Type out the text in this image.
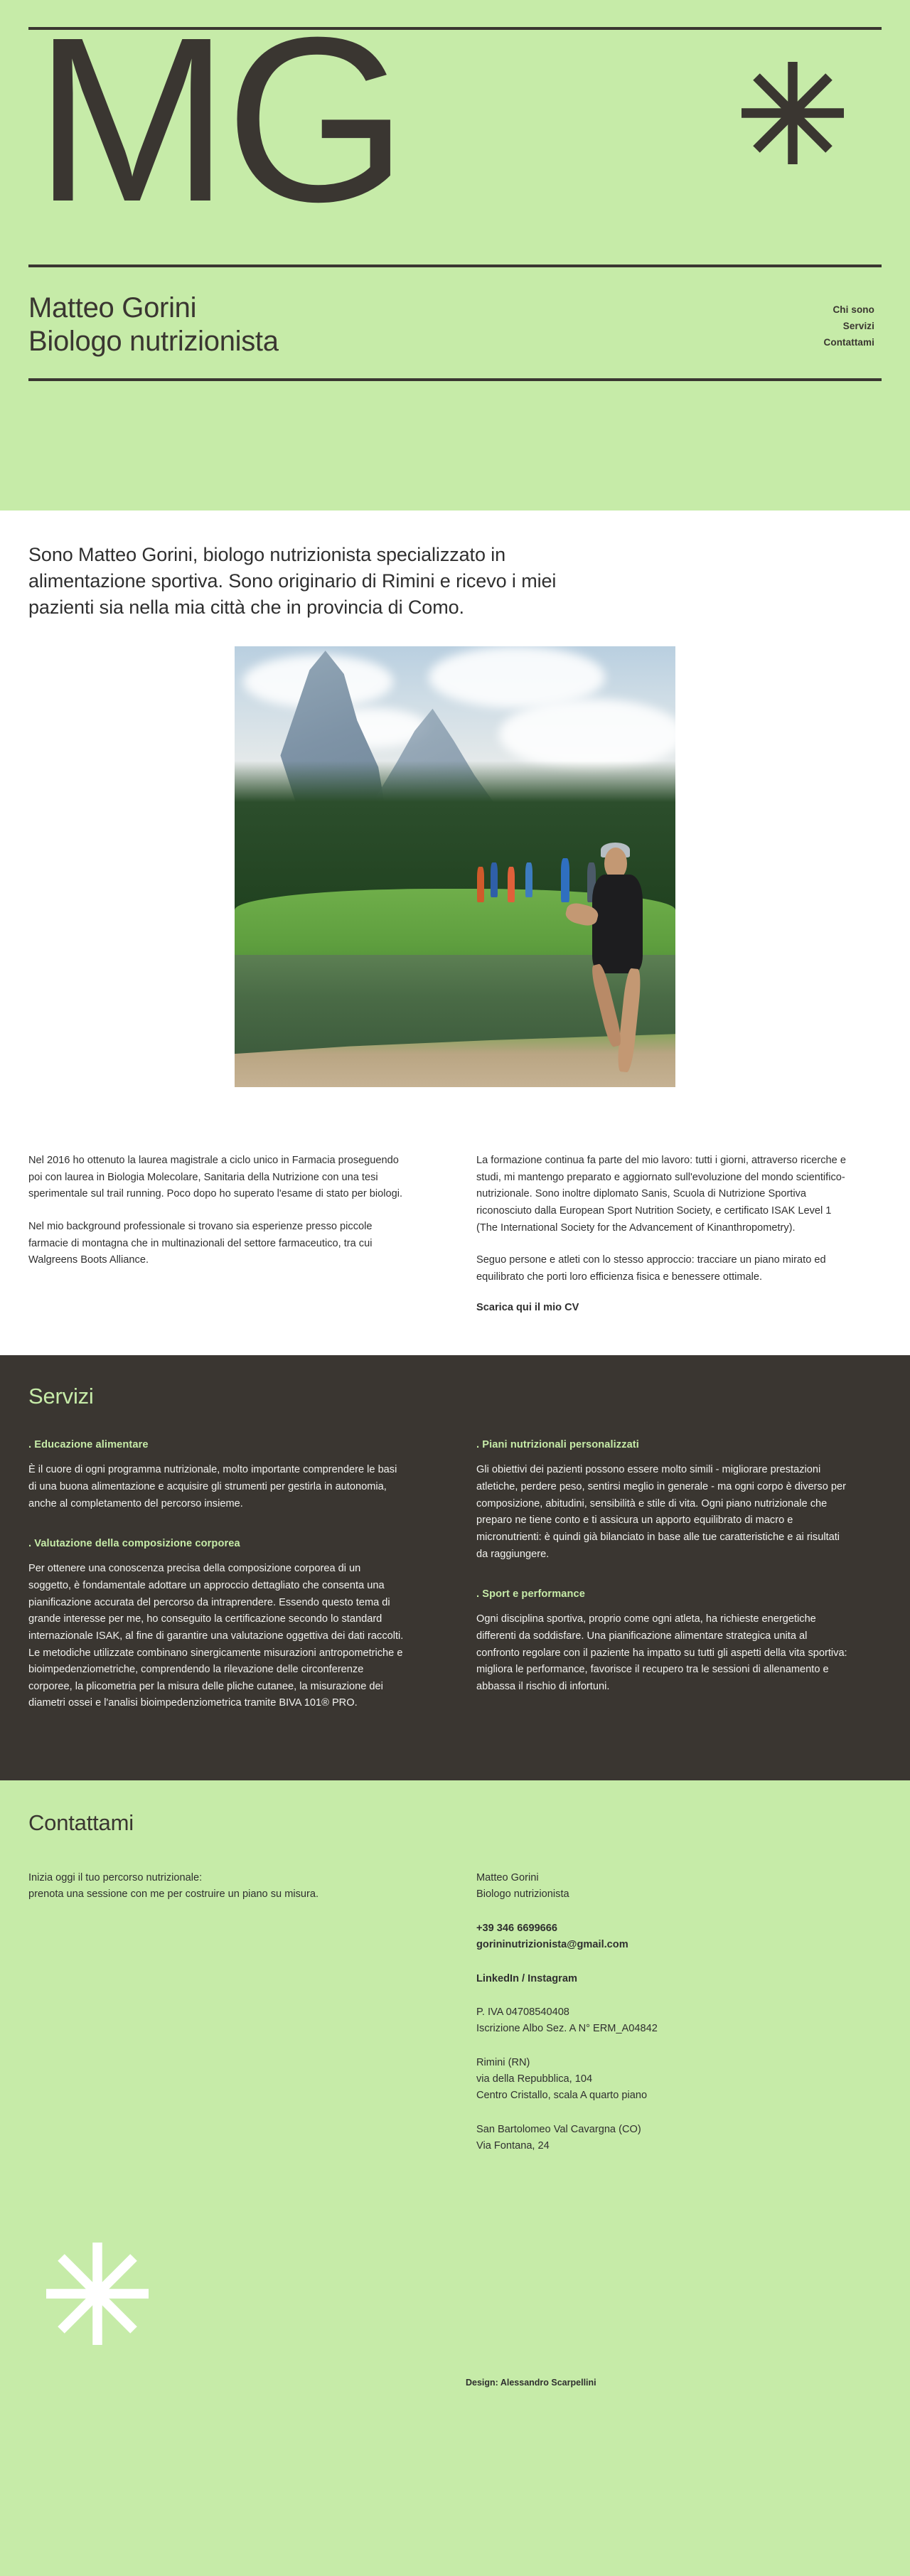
MG
Matteo Gorini
Biologo nutrizionista
Chi sono
Servizi
Contattami

Sono Matteo Gorini, biologo nutrizionista specializzato in alimentazione sportiva. Sono originario di Rimini e ricevo i miei pazienti sia nella mia città che in provincia di Como.

Nel 2016 ho ottenuto la laurea magistrale a ciclo unico in Farmacia proseguendo poi con laurea in Biologia Molecolare, Sanitaria della Nutrizione con una tesi sperimentale sul trail running. Poco dopo ho superato l'esame di stato per biologi.

Nel mio background professionale si trovano sia esperienze presso piccole farmacie di montagna che in multinazionali del settore farmaceutico, tra cui Walgreens Boots Alliance.

La formazione continua fa parte del mio lavoro: tutti i giorni, attraverso ricerche e studi, mi mantengo preparato e aggiornato sull'evoluzione del mondo scientifico-nutrizionale. Sono inoltre diplomato Sanis, Scuola di Nutrizione Sportiva riconosciuto dalla European Sport Nutrition Society, e certificato ISAK Level 1 (The International Society for the Advancement of Kinanthropometry).

Seguo persone e atleti con lo stesso approccio: tracciare un piano mirato ed equilibrato che porti loro efficienza fisica e benessere ottimale.

Scarica qui il mio CV
Servizi
. Educazione alimentare

È il cuore di ogni programma nutrizionale, molto importante comprendere le basi di una buona alimentazione e acquisire gli strumenti per gestirla in autonomia, anche al completamento del percorso insieme.

. Valutazione della composizione corporea

Per ottenere una conoscenza precisa della composizione corporea di un soggetto, è fondamentale adottare un approccio dettagliato che consenta una pianificazione accurata del percorso da intraprendere. Essendo questo tema di grande interesse per me, ho conseguito la certificazione secondo lo standard internazionale ISAK, al fine di garantire una valutazione oggettiva dei dati raccolti. Le metodiche utilizzate combinano sinergicamente misurazioni antropometriche e bioimpedenziometriche, comprendendo la rilevazione delle circonferenze corporee, la plicometria per la misura delle pliche cutanee, la misurazione dei diametri ossei e l'analisi bioimpedenziometrica tramite BIVA 101® PRO.

. Piani nutrizionali personalizzati

Gli obiettivi dei pazienti possono essere molto simili - migliorare prestazioni atletiche, perdere peso, sentirsi meglio in generale - ma ogni corpo è diverso per composizione, abitudini, sensibilità e stile di vita. Ogni piano nutrizionale che preparo ne tiene conto e ti assicura un apporto equilibrato di macro e micronutrienti: è quindi già bilanciato in base alle tue caratteristiche e ai risultati da raggiungere.

. Sport e performance

Ogni disciplina sportiva, proprio come ogni atleta, ha richieste energetiche differenti da soddisfare. Una pianificazione alimentare strategica unita al confronto regolare con il paziente ha impatto su tutti gli aspetti della vita sportiva: migliora le performance, favorisce il recupero tra le sessioni di allenamento e abbassa il rischio di infortuni.

Contattami

Inizia oggi il tuo percorso nutrizionale:
prenota una sessione con me per costruire un piano su misura.

Matteo Gorini
Biologo nutrizionista
+39 346 6699666
gorininutrizionista@gmail.com
LinkedIn / Instagram
P. IVA 04708540408
Iscrizione Albo Sez. A N° ERM_A04842
Rimini (RN)
via della Repubblica, 104
Centro Cristallo, scala A quarto piano
San Bartolomeo Val Cavargna (CO)
Via Fontana, 24
Design: Alessandro Scarpellini
